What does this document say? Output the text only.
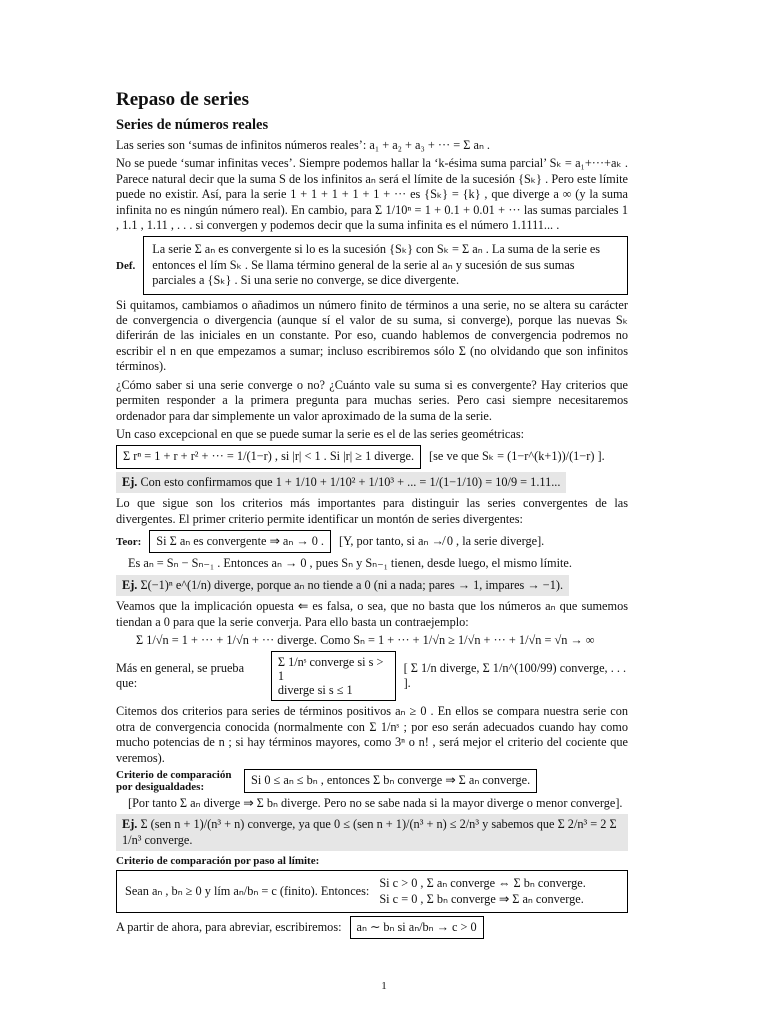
Repaso de series
Series de números reales

Las series son ‘sumas de infinitos números reales’: a₁ + a₂ + a₃ + ··· = Σ aₙ .

No se puede ‘sumar infinitas veces’. Siempre podemos hallar la ‘k-ésima suma parcial’ Sₖ = a₁+···+aₖ . Parece natural decir que la suma S de los infinitos aₙ será el límite de la sucesión {Sₖ} . Pero este límite puede no existir. Así, para la serie 1 + 1 + 1 + 1 + 1 + ··· es {Sₖ} = {k} , que diverge a ∞ (y la suma infinita no es ningún número real). En cambio, para Σ 1/10ⁿ = 1 + 0.1 + 0.01 + ··· las sumas parciales 1 , 1.1 , 1.11 , . . . si convergen y podemos decir que la suma infinita es el número 1.1111... .

Def.
La serie Σ aₙ es convergente si lo es la sucesión {Sₖ} con Sₖ = Σ aₙ . La suma de la serie es entonces el lím Sₖ . Se llama término general de la serie al aₙ y sucesión de sus sumas parciales a {Sₖ} . Si una serie no converge, se dice divergente.

Si quitamos, cambiamos o añadimos un número finito de términos a una serie, no se altera su carácter de convergencia o divergencia (aunque sí el valor de su suma, si converge), porque las nuevas Sₖ diferirán de las iniciales en un constante. Por eso, cuando hablemos de convergencia podremos no escribir el n en que empezamos a sumar; incluso escribiremos sólo Σ (no olvidando que son infinitos términos).

¿Cómo saber si una serie converge o no? ¿Cuánto vale su suma si es convergente? Hay criterios que permiten responder a la primera pregunta para muchas series. Pero casi siempre necesitaremos ordenador para dar simplemente un valor aproximado de la suma de la serie.

Un caso excepcional en que se puede sumar la serie es el de las series geométricas:

Σ rⁿ = 1 + r + r² + ··· = 1/(1−r) , si |r| < 1 . Si |r| ≥ 1 diverge.	[se ve que Sₖ = (1−r^(k+1))/(1−r) ].
Ej. Con esto confirmamos que 1 + 1/10 + 1/10² + 1/10³ + ... = 1/(1−1/10) = 10/9 = 1.11...

Lo que sigue son los criterios más importantes para distinguir las series convergentes de las divergentes. El primer criterio permite identificar un montón de series divergentes:

Teor:	Si Σ aₙ es convergente ⇒ aₙ → 0 .	[Y, por tanto, si aₙ ↛ 0 , la serie diverge].

Es aₙ = Sₙ − Sₙ₋₁ . Entonces aₙ → 0 , pues Sₙ y Sₙ₋₁ tienen, desde luego, el mismo límite.

Ej. Σ(−1)ⁿ e^(1/n) diverge, porque aₙ no tiende a 0 (ni a nada; pares → 1, impares → −1).

Veamos que la implicación opuesta ⇐ es falsa, o sea, que no basta que los números aₙ que sumemos tiendan a 0 para que la serie converja. Para ello basta un contraejemplo:

Σ 1/√n = 1 + ··· + 1/√n + ··· diverge. Como Sₙ = 1 + ··· + 1/√n ≥ 1/√n + ··· + 1/√n = √n → ∞

Más en general, se prueba que:
Σ 1/nˢ converge si s > 1
diverge si s ≤ 1
[ Σ 1/n diverge, Σ 1/n^(100/99) converge, . . . ].

Citemos dos criterios para series de términos positivos aₙ ≥ 0 . En ellos se compara nuestra serie con otra de convergencia conocida (normalmente con Σ 1/nˢ ; por eso serán adecuados cuando hay como mucho potencias de n ; si hay términos mayores, como 3ⁿ o n! , será mejor el criterio del cociente que veremos).

Criterio de comparación por desigualdades:	Si 0 ≤ aₙ ≤ bₙ , entonces Σ bₙ converge ⇒ Σ aₙ converge.

[Por tanto Σ aₙ diverge ⇒ Σ bₙ diverge. Pero no se sabe nada si la mayor diverge o menor converge].

Ej. Σ (sen n + 1)/(n³ + n) converge, ya que 0 ≤ (sen n + 1)/(n³ + n) ≤ 2/n³ y sabemos que Σ 2/n³ = 2 Σ 1/n³ converge.
Criterio de comparación por paso al límite:
Sean aₙ , bₙ ≥ 0 y lím aₙ/bₙ = c (finito). Entonces:
Si c > 0 , Σ aₙ converge ⇔ Σ bₙ converge.
Si c = 0 , Σ bₙ converge ⇒ Σ aₙ converge.
A partir de ahora, para abreviar, escribiremos:	aₙ ∼ bₙ si aₙ/bₙ → c > 0
1
